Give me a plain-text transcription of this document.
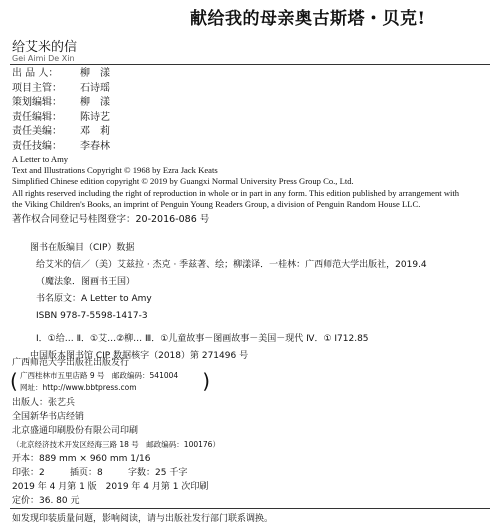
献给我的母亲奥古斯塔・贝克!
给艾米的信
Gei Aimi De Xin
出 品 人： 柳　漾
项目主管： 石诗瑶
策划编辑： 柳　漾
责任编辑： 陈诗艺
责任美编： 邓　莉
责任技编： 李春林
A Letter to Amy
Text and Illustrations Copyright © 1968 by Ezra Jack Keats
Simplified Chinese edition copyright © 2019 by Guangxi Normal University Press Group Co., Ltd.
All rights reserved including the right of reproduction in whole or in part in any form. This edition published by arrangement with
the Viking Children's Books, an imprint of Penguin Young Readers Group, a division of Penguin Random House LLC.
著作权合同登记号桂图登字：20-2016-086 号
图书在版编目（CIP）数据
给艾米的信／（美）艾兹拉 · 杰克 · 季兹著、绘；柳漾译．一桂林：广西师范大学出版社，2019.4
（魔法象．图画书王国）
书名原文：A Letter to Amy
ISBN 978-7-5598-1417-3
Ⅰ．①给… Ⅱ．①艾…②柳… Ⅲ．①儿童故事－图画故事－美国－现代 Ⅳ．① I712.85
中国版本图书馆 CIP 数据核字（2018）第 271496 号
广西师范大学出版社出版发行
( 广西桂林市五里店路 9 号　邮政编码：541004
网址：http://www.bbtpress.com
)
出版人：张艺兵
全国新华书店经销
北京盛通印刷股份有限公司印刷
（北京经济技术开发区经海三路 18 号　邮政编码：100176）
开本：889 mm × 960 mm 1/16
印张：2	插页：8	字数：25 千字
2019 年 4 月第 1 版　2019 年 4 月第 1 次印刷
定价：36. 80 元
如发现印装质量问题，影响阅读，请与出版社发行部门联系调换。
